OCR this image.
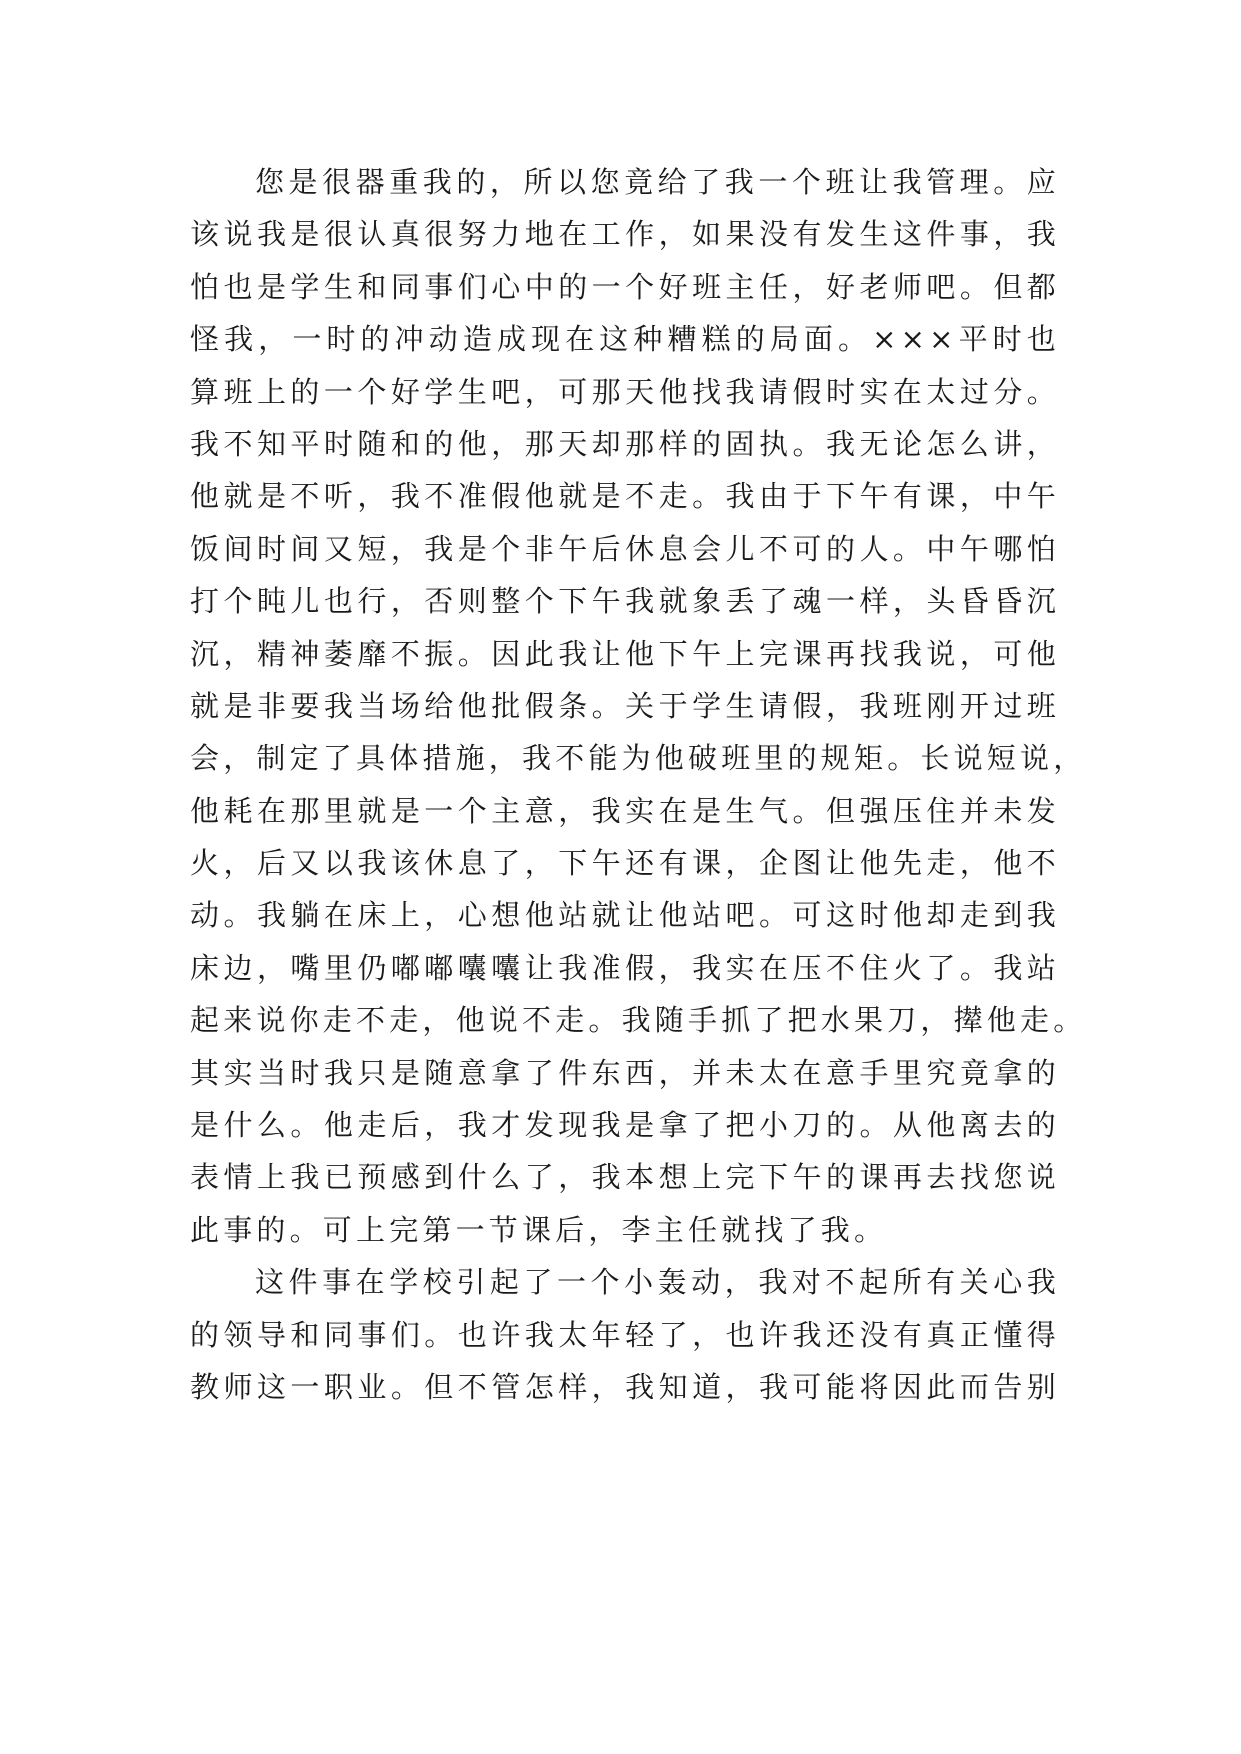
您是很器重我的，所以您竟给了我一个班让我管理。应
该说我是很认真很努力地在工作，如果没有发生这件事，我
怕也是学生和同事们心中的一个好班主任，好老师吧。但都
怪我，一时的冲动造成现在这种糟糕的局面。×××平时也
算班上的一个好学生吧，可那天他找我请假时实在太过分。
我不知平时随和的他，那天却那样的固执。我无论怎么讲，
他就是不听，我不准假他就是不走。我由于下午有课，中午
饭间时间又短，我是个非午后休息会儿不可的人。中午哪怕
打个盹儿也行，否则整个下午我就象丢了魂一样，头昏昏沉
沉，精神萎靡不振。因此我让他下午上完课再找我说，可他
就是非要我当场给他批假条。关于学生请假，我班刚开过班
会，制定了具体措施，我不能为他破班里的规矩。长说短说，
他耗在那里就是一个主意，我实在是生气。但强压住并未发
火，后又以我该休息了，下午还有课，企图让他先走，他不
动。我躺在床上，心想他站就让他站吧。可这时他却走到我
床边，嘴里仍嘟嘟囔囔让我准假，我实在压不住火了。我站
起来说你走不走，他说不走。我随手抓了把水果刀，撵他走。
其实当时我只是随意拿了件东西，并未太在意手里究竟拿的
是什么。他走后，我才发现我是拿了把小刀的。从他离去的
表情上我已预感到什么了，我本想上完下午的课再去找您说
此事的。可上完第一节课后，李主任就找了我。
这件事在学校引起了一个小轰动，我对不起所有关心我
的领导和同事们。也许我太年轻了，也许我还没有真正懂得
教师这一职业。但不管怎样，我知道，我可能将因此而告别
